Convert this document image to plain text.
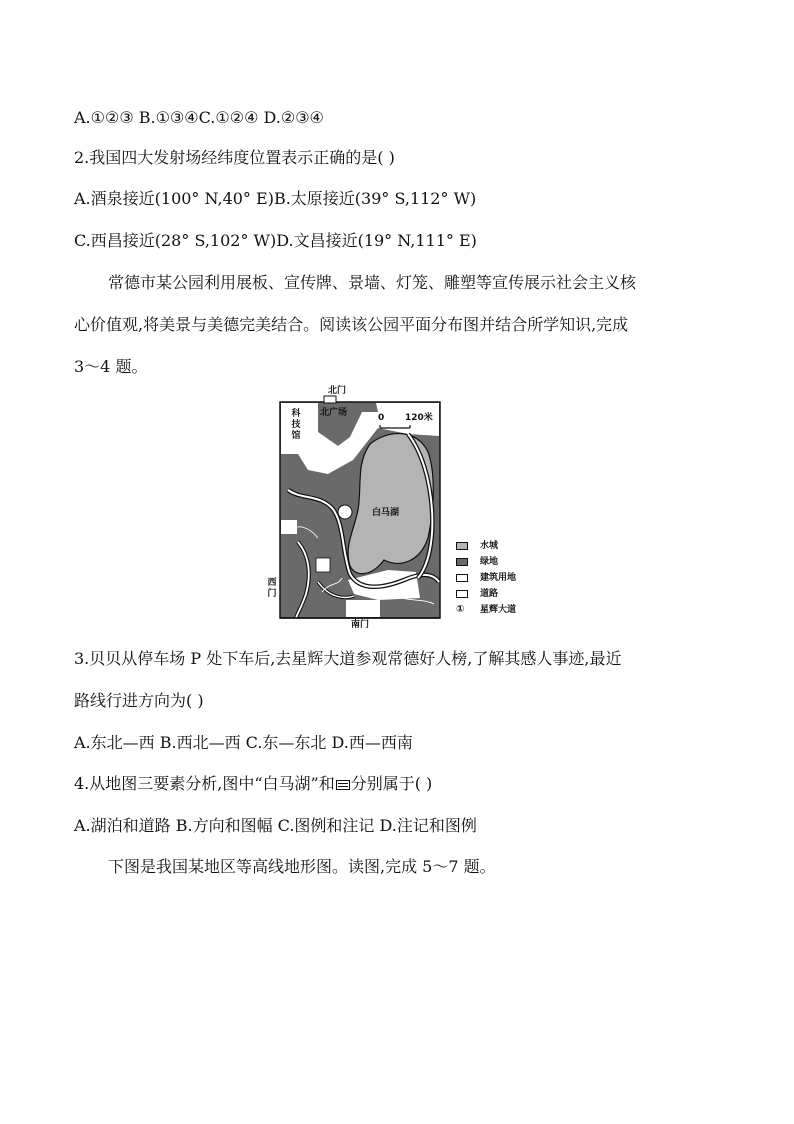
A.①②③ B.①③④C.①②④ D.②③④
2.我国四大发射场经纬度位置表示正确的是( )
A.酒泉接近(100° N,40° E)B.太原接近(39° S,112° W)
C.西昌接近(28° S,102° W)D.文昌接近(19° N,111° E)
常德市某公园利用展板、宣传牌、景墙、灯笼、雕塑等宣传展示社会主义核
心价值观,将美景与美德完美结合。阅读该公园平面分布图并结合所学知识,完成
3～4 题。
北门
北广场
科技馆
0 120米
白马湖
西门
南门
水城
绿地
建筑用地
道路
① 星辉大道
3.贝贝从停车场 P 处下车后,去星辉大道参观常德好人榜,了解其感人事迹,最近
路线行进方向为( )
A.东北—西 B.西北—西 C.东—东北 D.西—西南
4.从地图三要素分析,图中“白马湖”和 分别属于( )
A.湖泊和道路 B.方向和图幅 C.图例和注记 D.注记和图例
下图是我国某地区等高线地形图。读图,完成 5～7 题。
